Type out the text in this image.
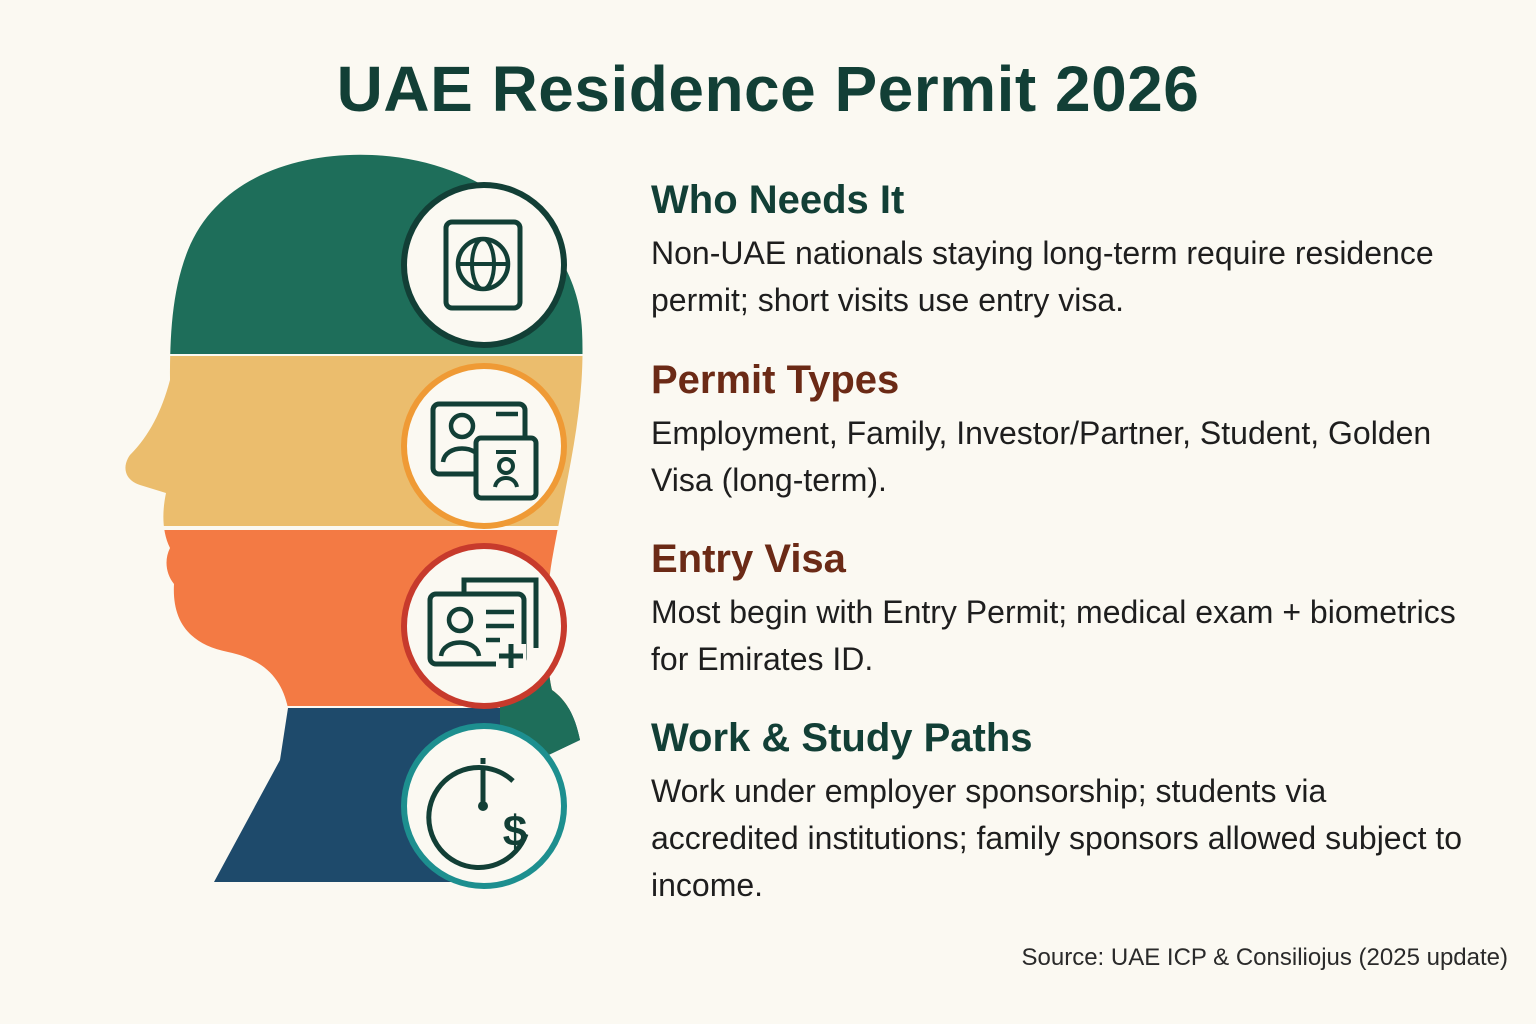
UAE Residence Permit 2026
$
Who Needs It

Non-UAE nationals staying long-term require residence permit; short visits use entry visa.

Permit Types

Employment, Family, Investor/Partner, Student, Golden Visa (long-term).

Entry Visa

Most begin with Entry Permit; medical exam + biometrics for Emirates ID.

Work & Study Paths

Work under employer sponsorship; students via accredited institutions; family sponsors allowed subject to income.

Source: UAE ICP & Consiliojus (2025 update)
